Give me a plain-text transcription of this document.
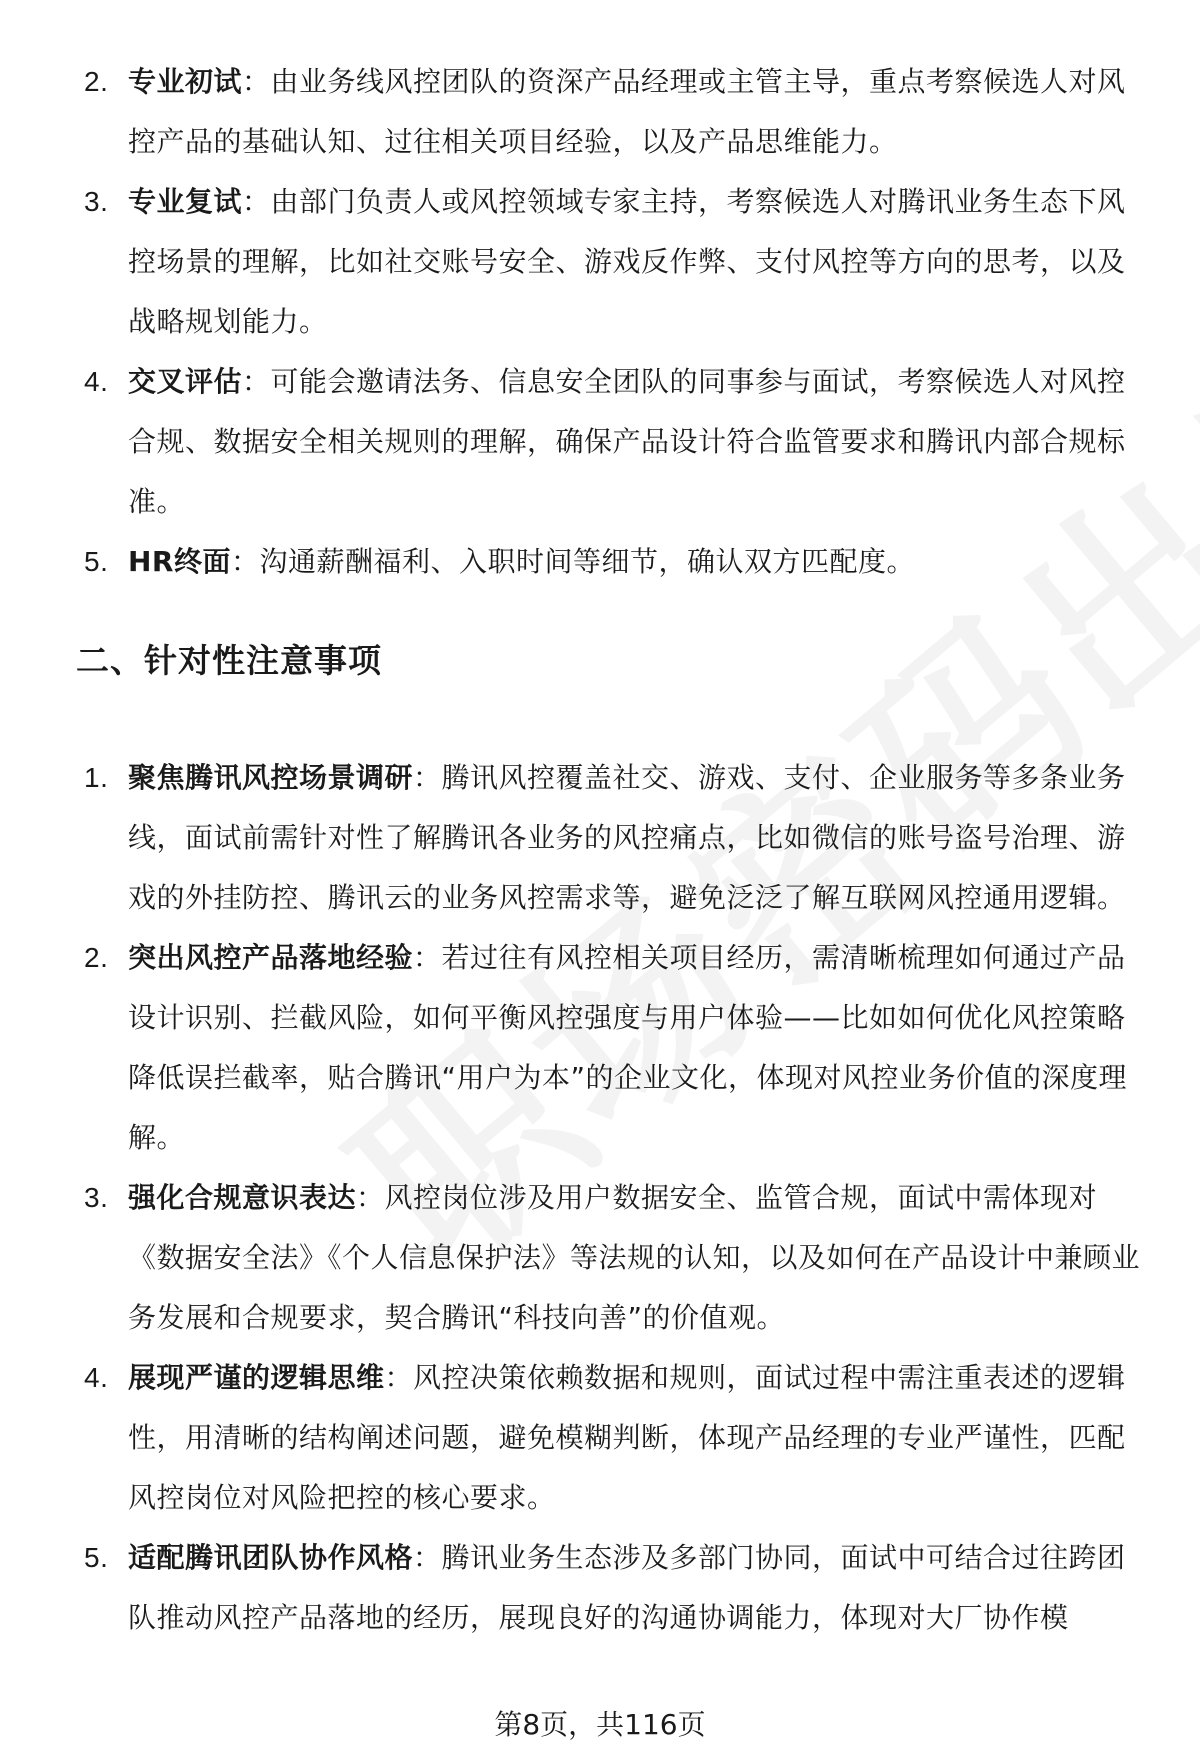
2. 专业初试：由业务线风控团队的资深产品经理或主管主导，重点考察候选人对风控产品的基础认知、过往相关项目经验，以及产品思维能力。
3. 专业复试：由部门负责人或风控领域专家主持，考察候选人对腾讯业务生态下风控场景的理解，比如社交账号安全、游戏反作弊、支付风控等方向的思考，以及战略规划能力。
4. 交叉评估：可能会邀请法务、信息安全团队的同事参与面试，考察候选人对风控合规、数据安全相关规则的理解，确保产品设计符合监管要求和腾讯内部合规标准。
5. HR终面：沟通薪酬福利、入职时间等细节，确认双方匹配度。
二、针对性注意事项
1. 聚焦腾讯风控场景调研：腾讯风控覆盖社交、游戏、支付、企业服务等多条业务线，面试前需针对性了解腾讯各业务的风控痛点，比如微信的账号盗号治理、游戏的外挂防控、腾讯云的业务风控需求等，避免泛泛了解互联网风控通用逻辑。
2. 突出风控产品落地经验：若过往有风控相关项目经历，需清晰梳理如何通过产品设计识别、拦截风险，如何平衡风控强度与用户体验——比如如何优化风控策略降低误拦截率，贴合腾讯“用户为本”的企业文化，体现对风控业务价值的深度理解。
3. 强化合规意识表达：风控岗位涉及用户数据安全、监管合规，面试中需体现对《数据安全法》《个人信息保护法》等法规的认知，以及如何在产品设计中兼顾业务发展和合规要求，契合腾讯“科技向善”的价值观。
4. 展现严谨的逻辑思维：风控决策依赖数据和规则，面试过程中需注重表述的逻辑性，用清晰的结构阐述问题，避免模糊判断，体现产品经理的专业严谨性，匹配风控岗位对风险把控的核心要求。
5. 适配腾讯团队协作风格：腾讯业务生态涉及多部门协同，面试中可结合过往跨团队推动风控产品落地的经历，展现良好的沟通协调能力，体现对大厂协作模
第8页，共116页
